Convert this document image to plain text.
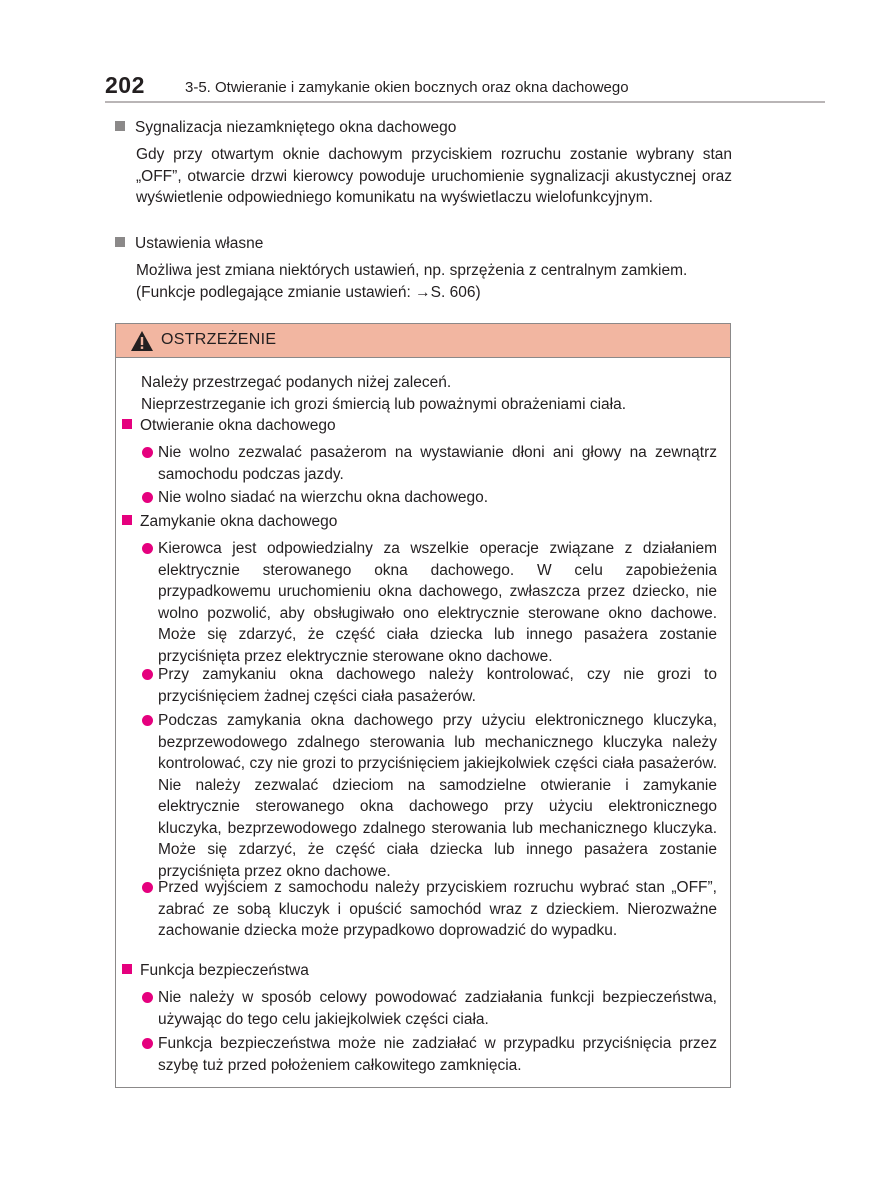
202	3-5. Otwieranie i zamykanie okien bocznych oraz okna dachowego
Sygnalizacja niezamkniętego okna dachowego
Gdy przy otwartym oknie dachowym przyciskiem rozruchu zostanie wybrany stan „OFF”, otwarcie drzwi kierowcy powoduje uruchomienie sygnalizacji akustycznej oraz wyświetlenie odpowiedniego komunikatu na wyświetlaczu wielofunkcyjnym.
Ustawienia własne
Możliwa jest zmiana niektórych ustawień, np. sprzężenia z centralnym zamkiem. (Funkcje podlegające zmianie ustawień: →S. 606)
OSTRZEŻENIE
Należy przestrzegać podanych niżej zaleceń.
Nieprzestrzeganie ich grozi śmiercią lub poważnymi obrażeniami ciała.
Otwieranie okna dachowego
Nie wolno zezwalać pasażerom na wystawianie dłoni ani głowy na zewnątrz samochodu podczas jazdy.
Nie wolno siadać na wierzchu okna dachowego.
Zamykanie okna dachowego
Kierowca jest odpowiedzialny za wszelkie operacje związane z działaniem elektrycznie sterowanego okna dachowego. W celu zapobieżenia przypadkowemu uruchomieniu okna dachowego, zwłaszcza przez dziecko, nie wolno pozwolić, aby obsługiwało ono elektrycznie sterowane okno dachowe. Może się zdarzyć, że część ciała dziecka lub innego pasażera zostanie przyciśnięta przez elektrycznie sterowane okno dachowe.
Przy zamykaniu okna dachowego należy kontrolować, czy nie grozi to przyciśnięciem żadnej części ciała pasażerów.
Podczas zamykania okna dachowego przy użyciu elektronicznego kluczyka, bezprzewodowego zdalnego sterowania lub mechanicznego kluczyka należy kontrolować, czy nie grozi to przyciśnięciem jakiejkolwiek części ciała pasażerów. Nie należy zezwalać dzieciom na samodzielne otwieranie i zamykanie elektrycznie sterowanego okna dachowego przy użyciu elektronicznego kluczyka, bezprzewodowego zdalnego sterowania lub mechanicznego kluczyka. Może się zdarzyć, że część ciała dziecka lub innego pasażera zostanie przyciśnięta przez okno dachowe.
Przed wyjściem z samochodu należy przyciskiem rozruchu wybrać stan „OFF”, zabrać ze sobą kluczyk i opuścić samochód wraz z dzieckiem. Nierozważne zachowanie dziecka może przypadkowo doprowadzić do wypadku.
Funkcja bezpieczeństwa
Nie należy w sposób celowy powodować zadziałania funkcji bezpieczeństwa, używając do tego celu jakiejkolwiek części ciała.
Funkcja bezpieczeństwa może nie zadziałać w przypadku przyciśnięcia przez szybę tuż przed położeniem całkowitego zamknięcia.
